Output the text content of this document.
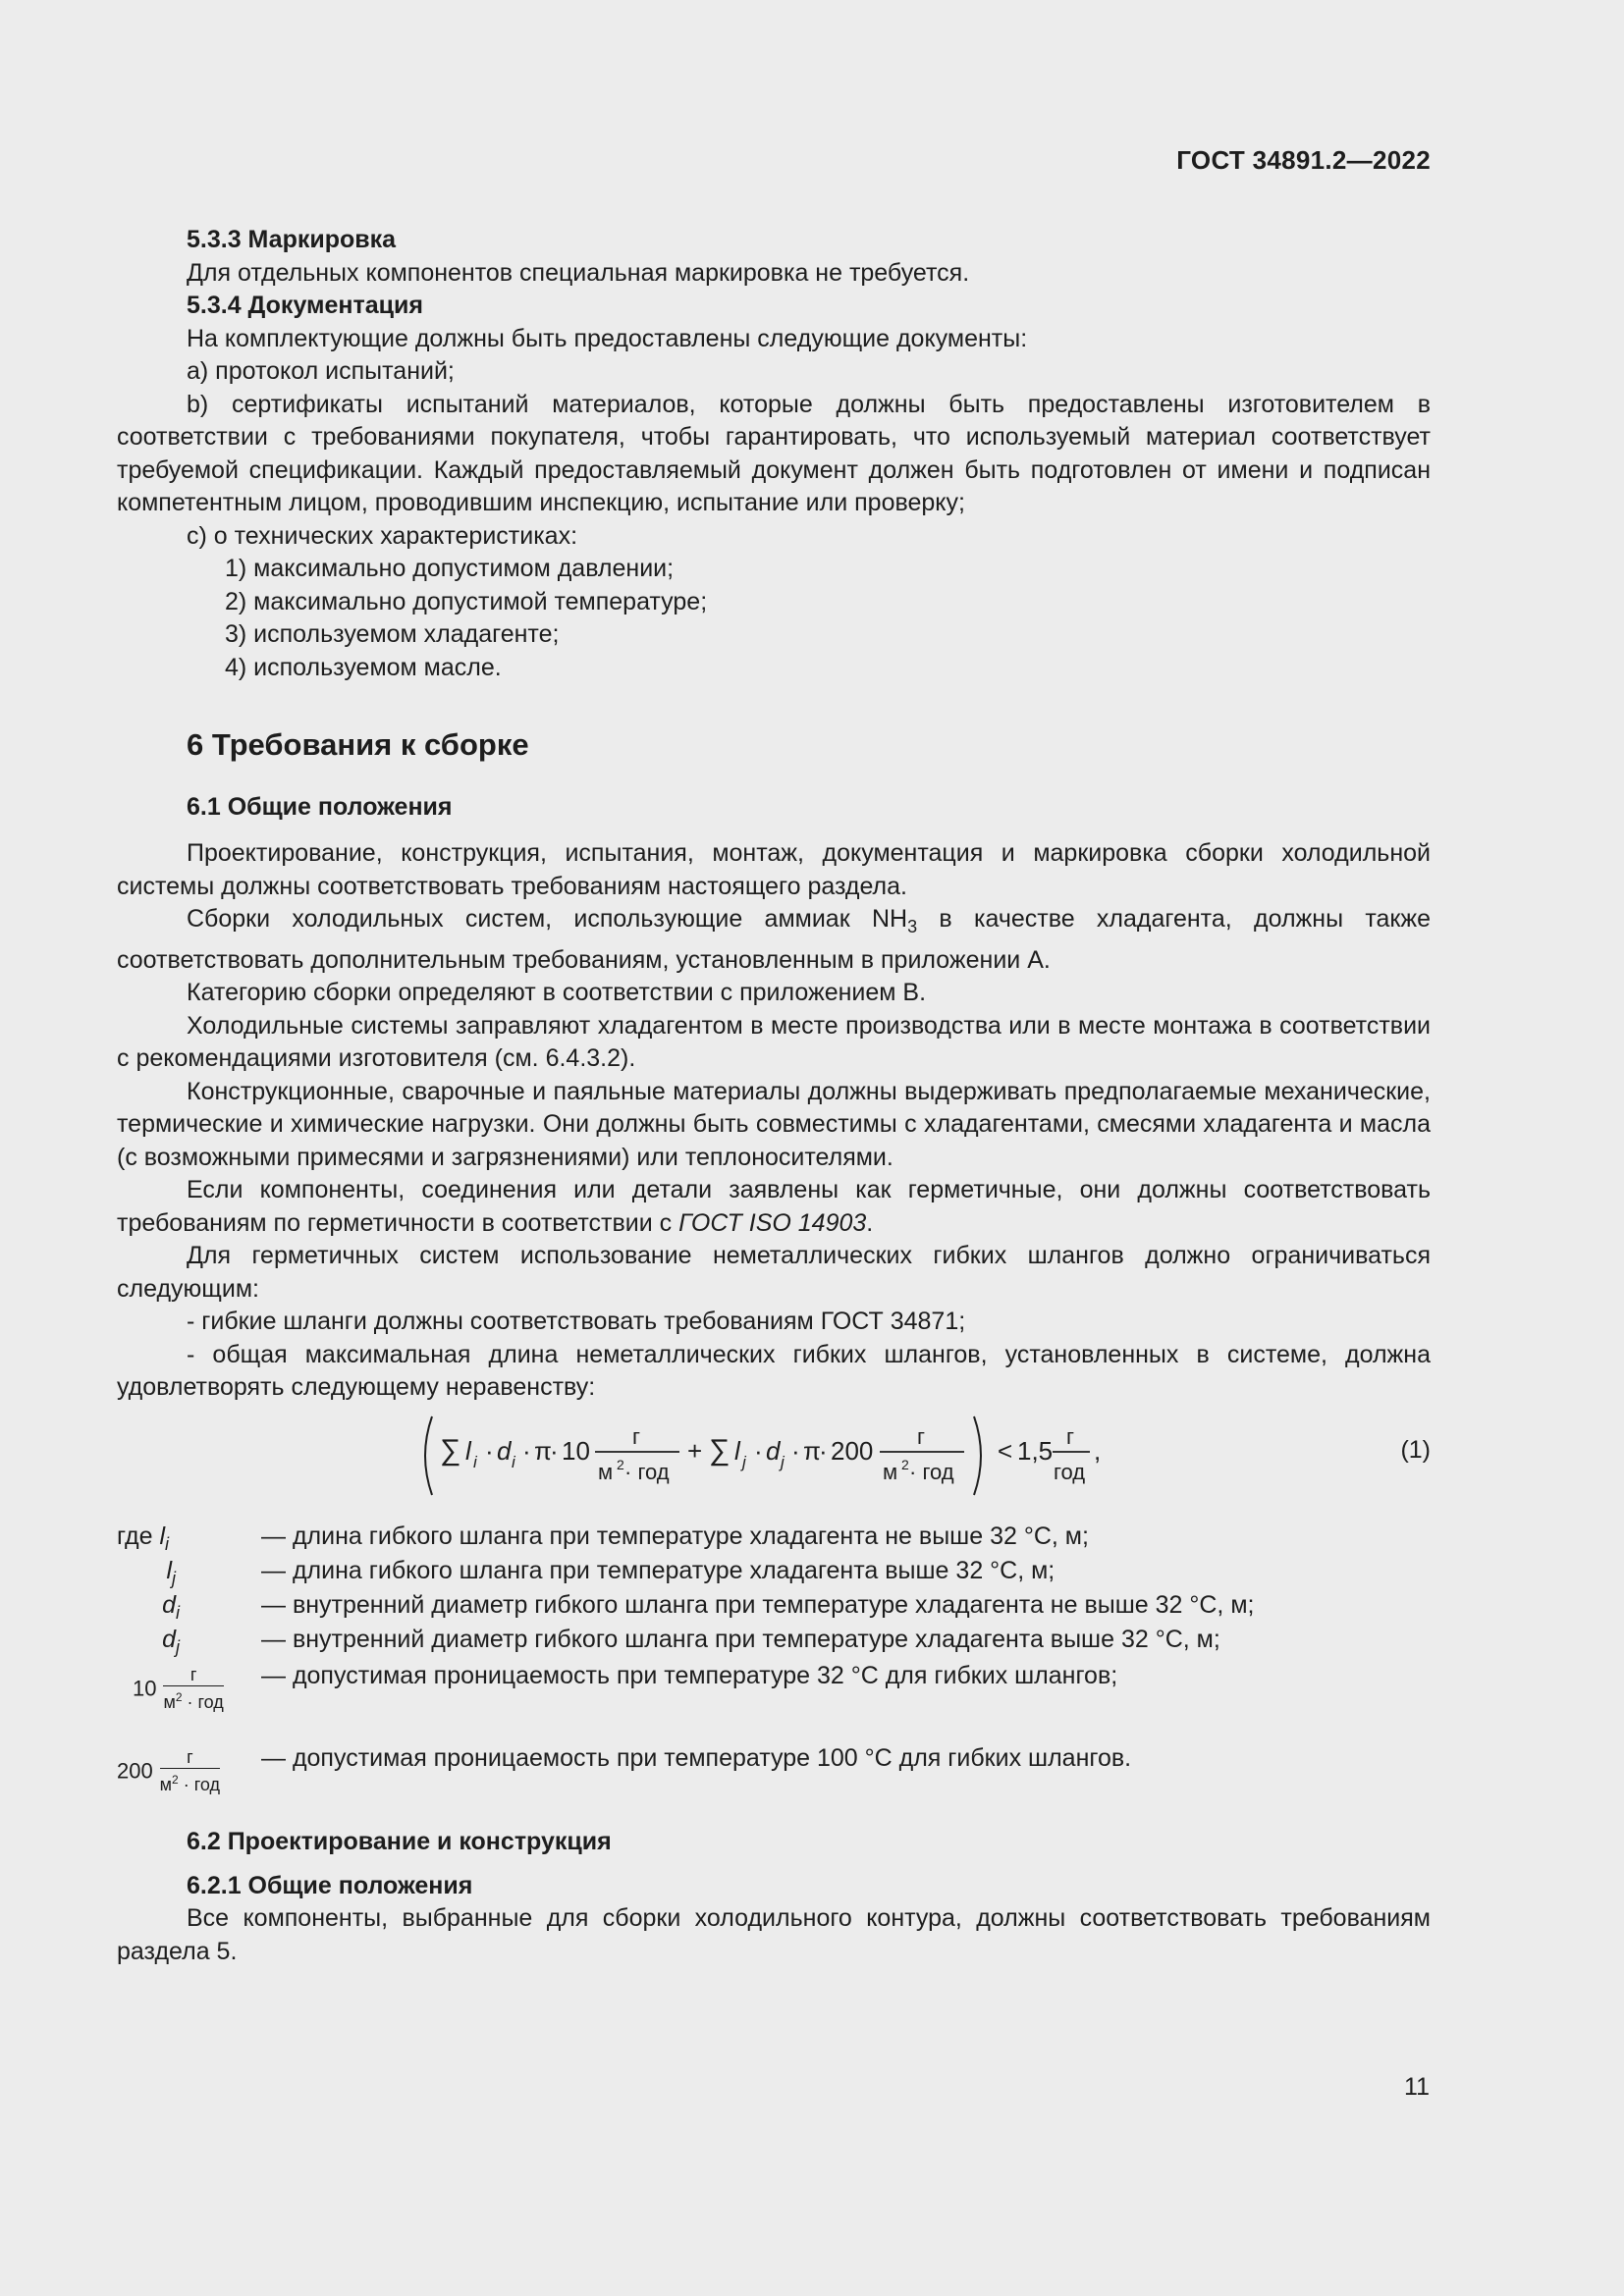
ГОСТ 34891.2—2022

5.3.3 Маркировка

Для отдельных компонентов специальная маркировка не требуется.

5.3.4 Документация

На комплектующие должны быть предоставлены следующие документы:

a) протокол испытаний;

b) сертификаты испытаний материалов, которые должны быть предоставлены изготовителем в соответствии с требованиями покупателя, чтобы гарантировать, что используемый материал соответствует требуемой спецификации. Каждый предоставляемый документ должен быть подготовлен от имени и подписан компетентным лицом, проводившим инспекцию, испытание или проверку;

c) о технических характеристиках:

1) максимально допустимом давлении;

2) максимально допустимой температуре;

3) используемом хладагенте;

4) используемом масле.

6 Требования к сборке
6.1 Общие положения

Проектирование, конструкция, испытания, монтаж, документация и маркировка сборки холодильной системы должны соответствовать требованиям настоящего раздела.

Сборки холодильных систем, использующие аммиак $NH_3$ в качестве хладагента, должны также соответствовать дополнительным требованиям, установленным в приложении А.

Категорию сборки определяют в соответствии с приложением В.

Холодильные системы заправляют хладагентом в месте производства или в месте монтажа в соответствии с рекомендациями изготовителя (см. 6.4.3.2).

Конструкционные, сварочные и паяльные материалы должны выдерживать предполагаемые механические, термические и химические нагрузки. Они должны быть совместимы с хладагентами, смесями хладагента и масла (с возможными примесями и загрязнениями) или теплоносителями.

Если компоненты, соединения или детали заявлены как герметичные, они должны соответствовать требованиям по герметичности в соответствии с ГОСТ ISO 14903.

Для герметичных систем использование неметаллических гибких шлангов должно ограничиваться следующим:

- гибкие шланги должны соответствовать требованиям ГОСТ 34871;

- общая максимальная длина неметаллических гибких шлангов, установленных в системе, должна удовлетворять следующему неравенству:

∑ l i · d i · π
· 10 г
м 2 · год
+ ∑ l j · d j · π
· 200 г
м 2 · год
< 1,5 г
год
,	(1)
где $l_i$	— длина гибкого шланга при температуре хладагента не выше 32 °С, м;
$l_j$	— длина гибкого шланга при температуре хладагента выше 32 °С, м;
$d_i$	— внутренний диаметр гибкого шланга при температуре хладагента не выше 32 °С, м;
$d_j$	— внутренний диаметр гибкого шланга при температуре хладагента выше 32 °С, м;
$10 \frac{г}{м^2 \cdot год}$ — допустимая проницаемость при температуре 32 °С для гибких шлангов;
$200 \frac{г}{м^2 \cdot год}$ — допустимая проницаемость при температуре 100 °С для гибких шлангов.
6.2 Проектирование и конструкция

6.2.1 Общие положения

Все компоненты, выбранные для сборки холодильного контура, должны соответствовать требованиям раздела 5.

11
